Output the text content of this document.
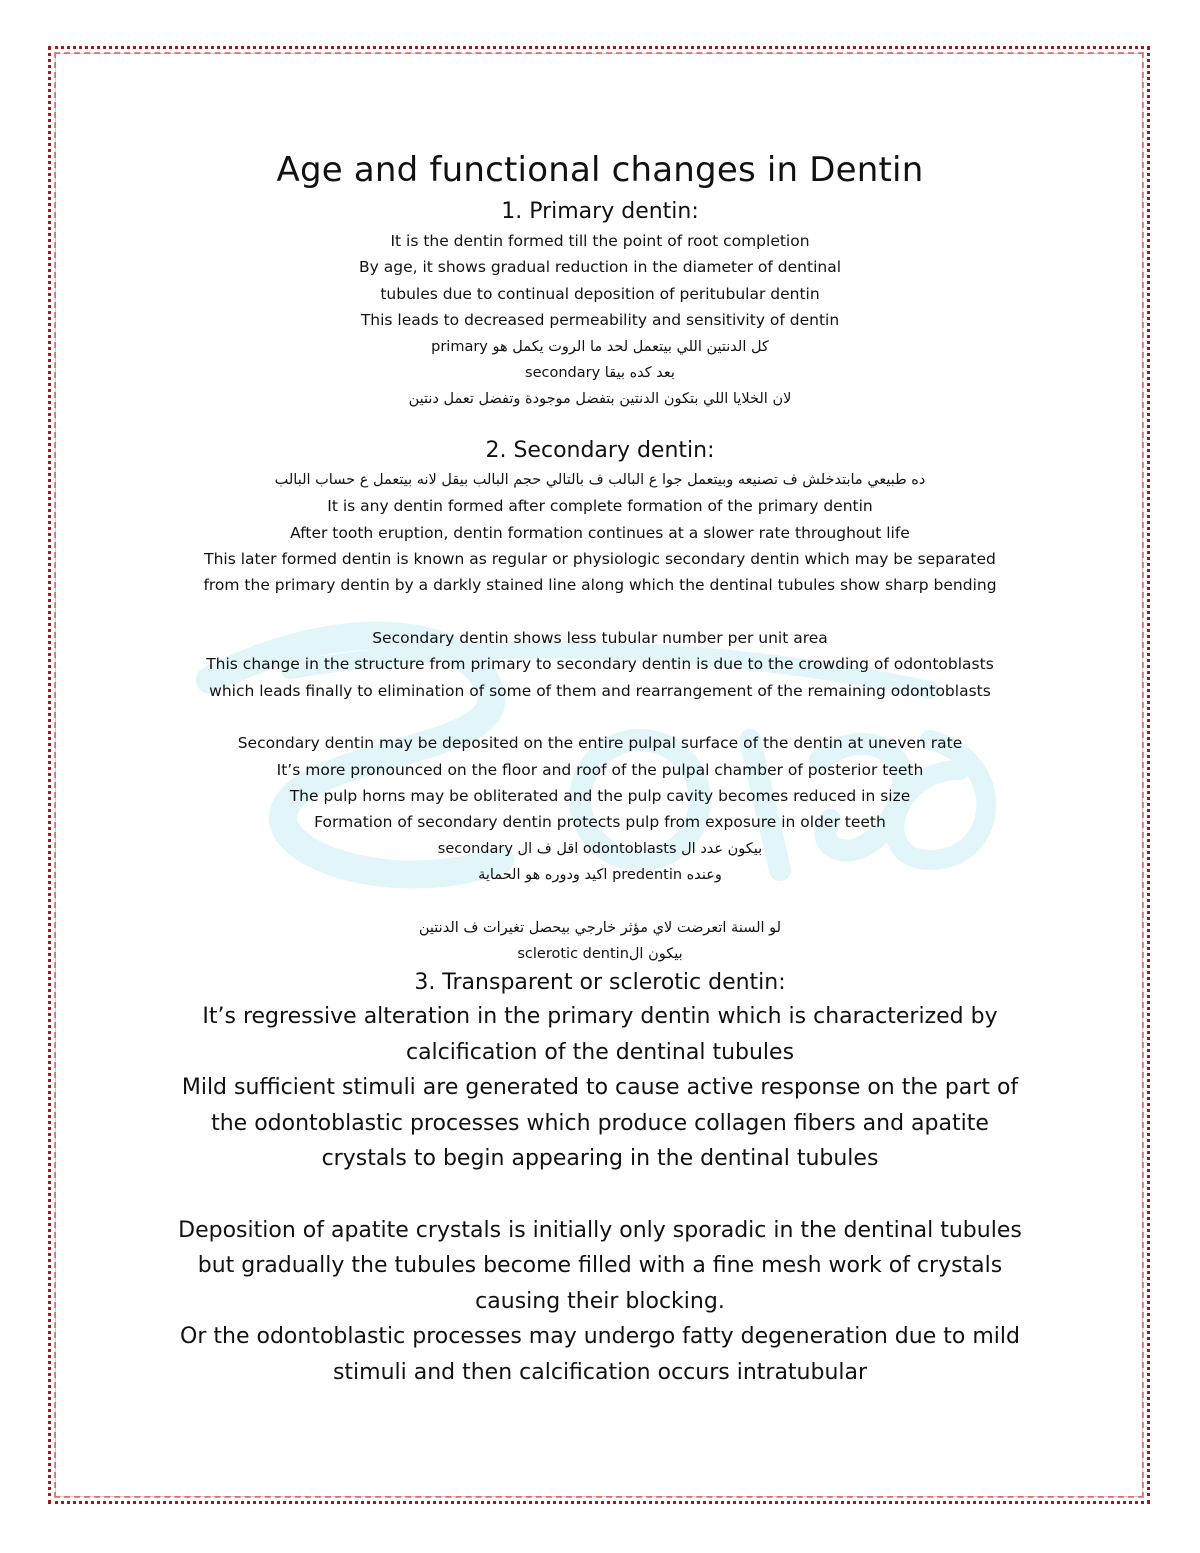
Age and functional changes in Dentin
1. Primary dentin:

It is the dentin formed till the point of root completion

By age, it shows gradual reduction in the diameter of dentinal

tubules due to continual deposition of peritubular dentin

This leads to decreased permeability and sensitivity of dentin

كل الدنتين اللي بيتعمل لحد ما الروت يكمل هو primary

بعد كده بيقا secondary

لان الخلايا اللي بتكون الدنتين بتفضل موجودة وتفضل تعمل دنتين

2. Secondary dentin:

ده طبيعي مابتدخلش ف تصنيعه وبيتعمل جوا ع البالب ف بالتالي حجم البالب بيقل لانه بيتعمل ع حساب البالب

It is any dentin formed after complete formation of the primary dentin

After tooth eruption, dentin formation continues at a slower rate throughout life

This later formed dentin is known as regular or physiologic secondary dentin which may be separated

from the primary dentin by a darkly stained line along which the dentinal tubules show sharp bending

Secondary dentin shows less tubular number per unit area

This change in the structure from primary to secondary dentin is due to the crowding of odontoblasts

which leads finally to elimination of some of them and rearrangement of the remaining odontoblasts

Secondary dentin may be deposited on the entire pulpal surface of the dentin at uneven rate

It’s more pronounced on the floor and roof of the pulpal chamber of posterior teeth

The pulp horns may be obliterated and the pulp cavity becomes reduced in size

Formation of secondary dentin protects pulp from exposure in older teeth

بيكون عدد ال odontoblasts اقل ف ال secondary

وعنده predentin اكيد ودوره هو الحماية

لو السنة اتعرضت لاي مؤثر خارجي بيحصل تغيرات ف الدنتين

بيكون الsclerotic dentin

3. Transparent or sclerotic dentin:

It’s regressive alteration in the primary dentin which is characterized by

calcification of the dentinal tubules

Mild sufficient stimuli are generated to cause active response on the part of

the odontoblastic processes which produce collagen fibers and apatite

crystals to begin appearing in the dentinal tubules

Deposition of apatite crystals is initially only sporadic in the dentinal tubules

but gradually the tubules become filled with a fine mesh work of crystals

causing their blocking.

Or the odontoblastic processes may undergo fatty degeneration due to mild

stimuli and then calcification occurs intratubular
